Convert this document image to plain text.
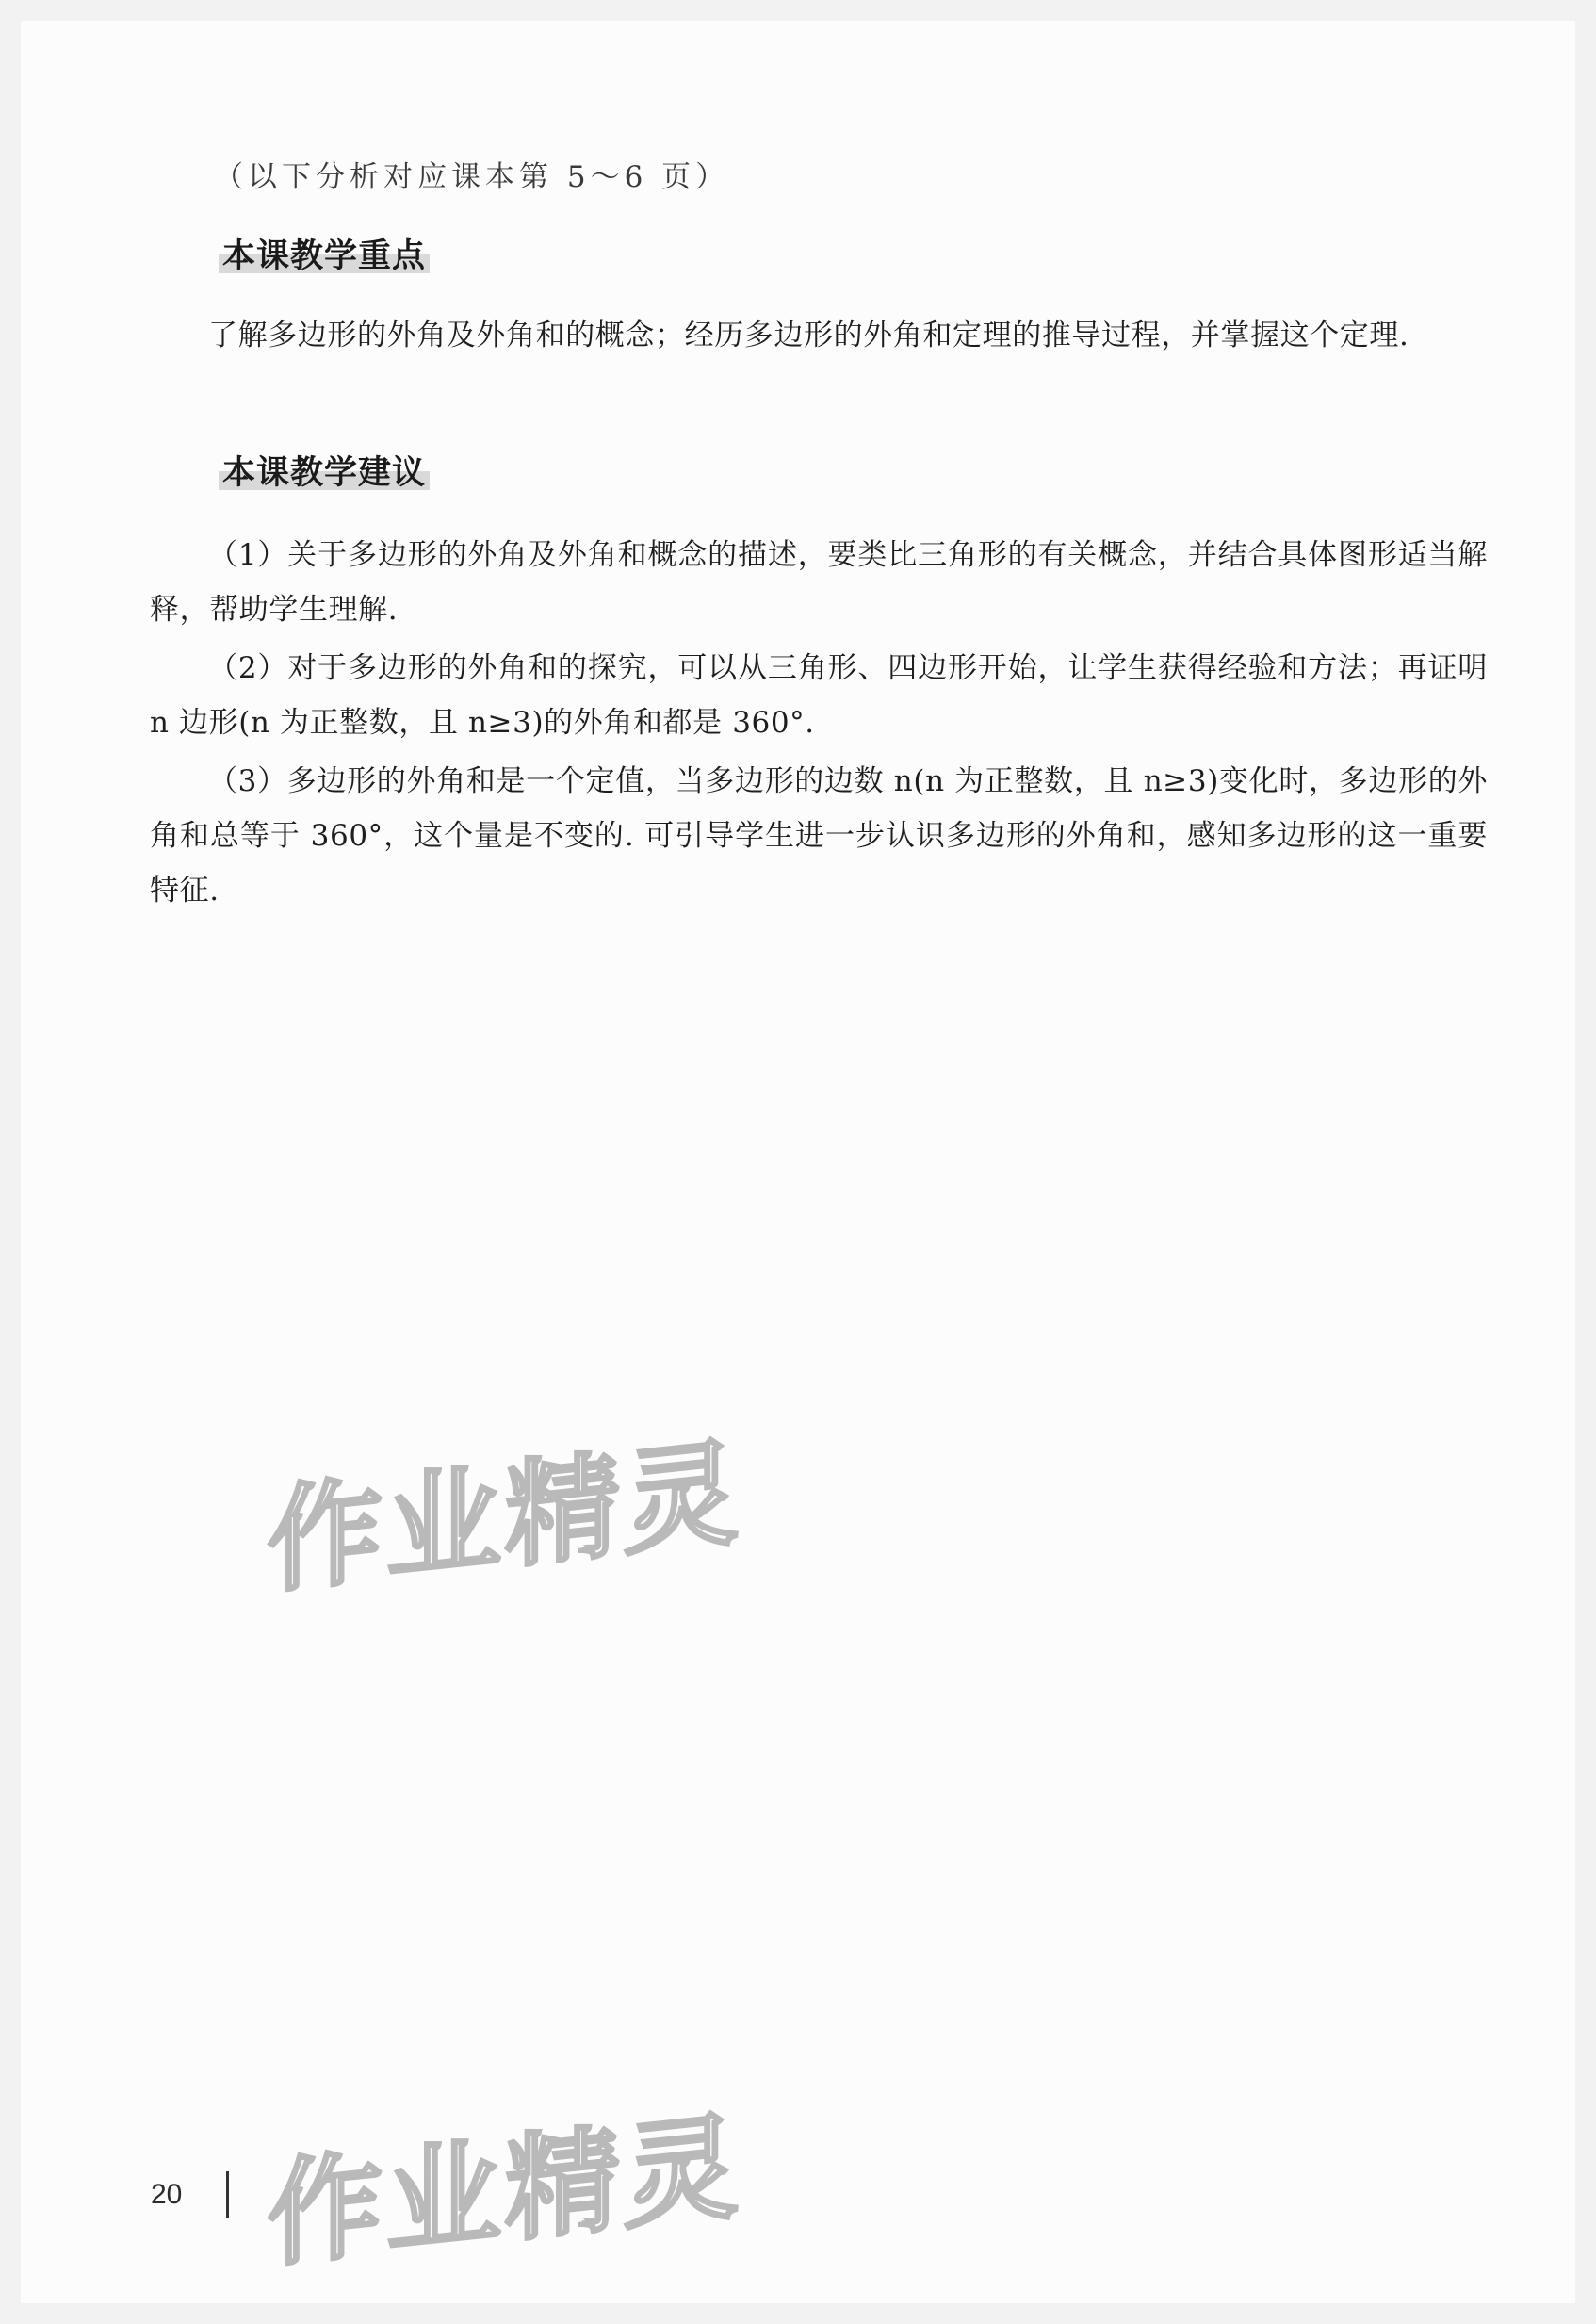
（以下分析对应课本第 5～6 页）
本课教学重点

了解多边形的外角及外角和的概念；经历多边形的外角和定理的推导过程，并掌握这个定理.

本课教学建议

（1）关于多边形的外角及外角和概念的描述，要类比三角形的有关概念，并结合具体图形适当解释，帮助学生理解.

（2）对于多边形的外角和的探究，可以从三角形、四边形开始，让学生获得经验和方法；再证明 n 边形(n 为正整数，且 n≥3)的外角和都是 360°.

（3）多边形的外角和是一个定值，当多边形的边数 n(n 为正整数，且 n≥3)变化时，多边形的外角和总等于 360°，这个量是不变的. 可引导学生进一步认识多边形的外角和，感知多边形的这一重要特征.

作业精灵
作业精灵
20
